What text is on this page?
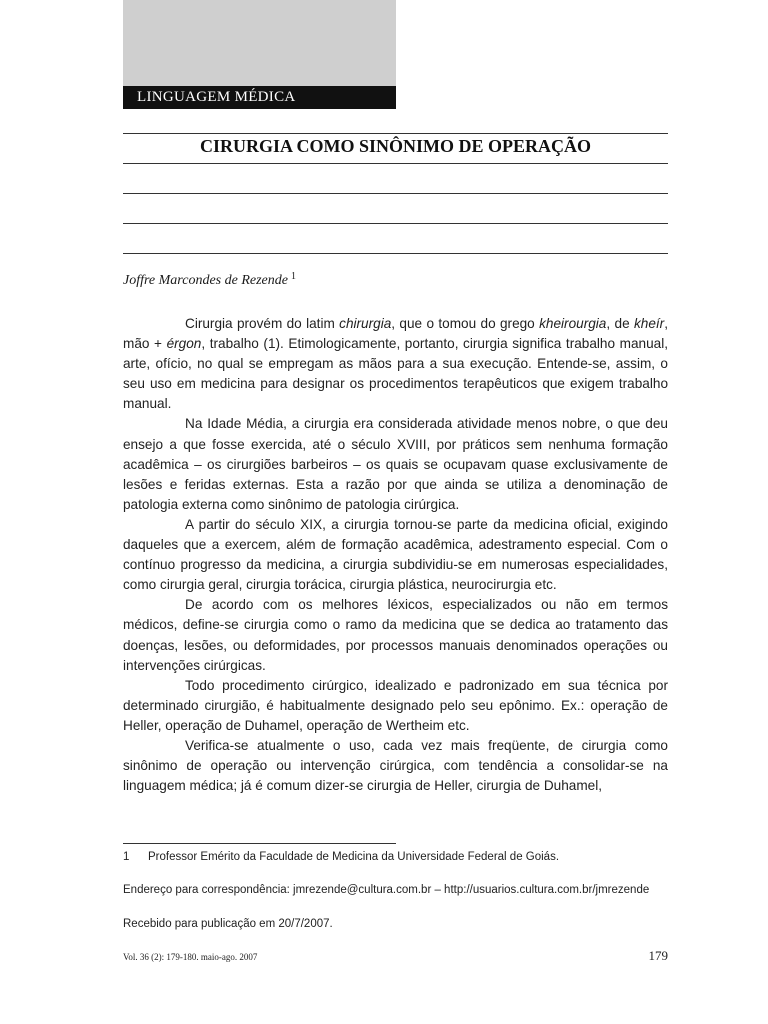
LINGUAGEM MÉDICA
CIRURGIA COMO SINÔNIMO DE OPERAÇÃO
Joffre Marcondes de Rezende $^1$

Cirurgia provém do latim chirurgia, que o tomou do grego kheirourgia, de kheír, mão + érgon, trabalho (1). Etimologicamente, portanto, cirurgia significa trabalho manual, arte, ofício, no qual se empregam as mãos para a sua execução. Entende-se, assim, o seu uso em medicina para designar os procedimentos terapêuticos que exigem trabalho manual.

Na Idade Média, a cirurgia era considerada atividade menos nobre, o que deu ensejo a que fosse exercida, até o século XVIII, por práticos sem nenhuma formação acadêmica – os cirurgiões barbeiros – os quais se ocupavam quase exclusivamente de lesões e feridas externas. Esta a razão por que ainda se utiliza a denominação de patologia externa como sinônimo de patologia cirúrgica.

A partir do século XIX, a cirurgia tornou-se parte da medicina oficial, exigindo daqueles que a exercem, além de formação acadêmica, adestramento especial. Com o contínuo progresso da medicina, a cirurgia subdividiu-se em numerosas especialidades, como cirurgia geral, cirurgia torácica, cirurgia plástica, neurocirurgia etc.

De acordo com os melhores léxicos, especializados ou não em termos médicos, define-se cirurgia como o ramo da medicina que se dedica ao tratamento das doenças, lesões, ou deformidades, por processos manuais denominados operações ou intervenções cirúrgicas.

Todo procedimento cirúrgico, idealizado e padronizado em sua técnica por determinado cirurgião, é habitualmente designado pelo seu epônimo. Ex.: operação de Heller, operação de Duhamel, operação de Wertheim etc.

Verifica-se atualmente o uso, cada vez mais freqüente, de cirurgia como sinônimo de operação ou intervenção cirúrgica, com tendência a consolidar-se na linguagem médica; já é comum dizer-se cirurgia de Heller, cirurgia de Duhamel,

1 Professor Emérito da Faculdade de Medicina da Universidade Federal de Goiás.
Endereço para correspondência: jmrezende@cultura.com.br – http://usuarios.cultura.com.br/jmrezende
Recebido para publicação em 20/7/2007.
Vol. 36 (2): 179-180. maio-ago. 2007	179
